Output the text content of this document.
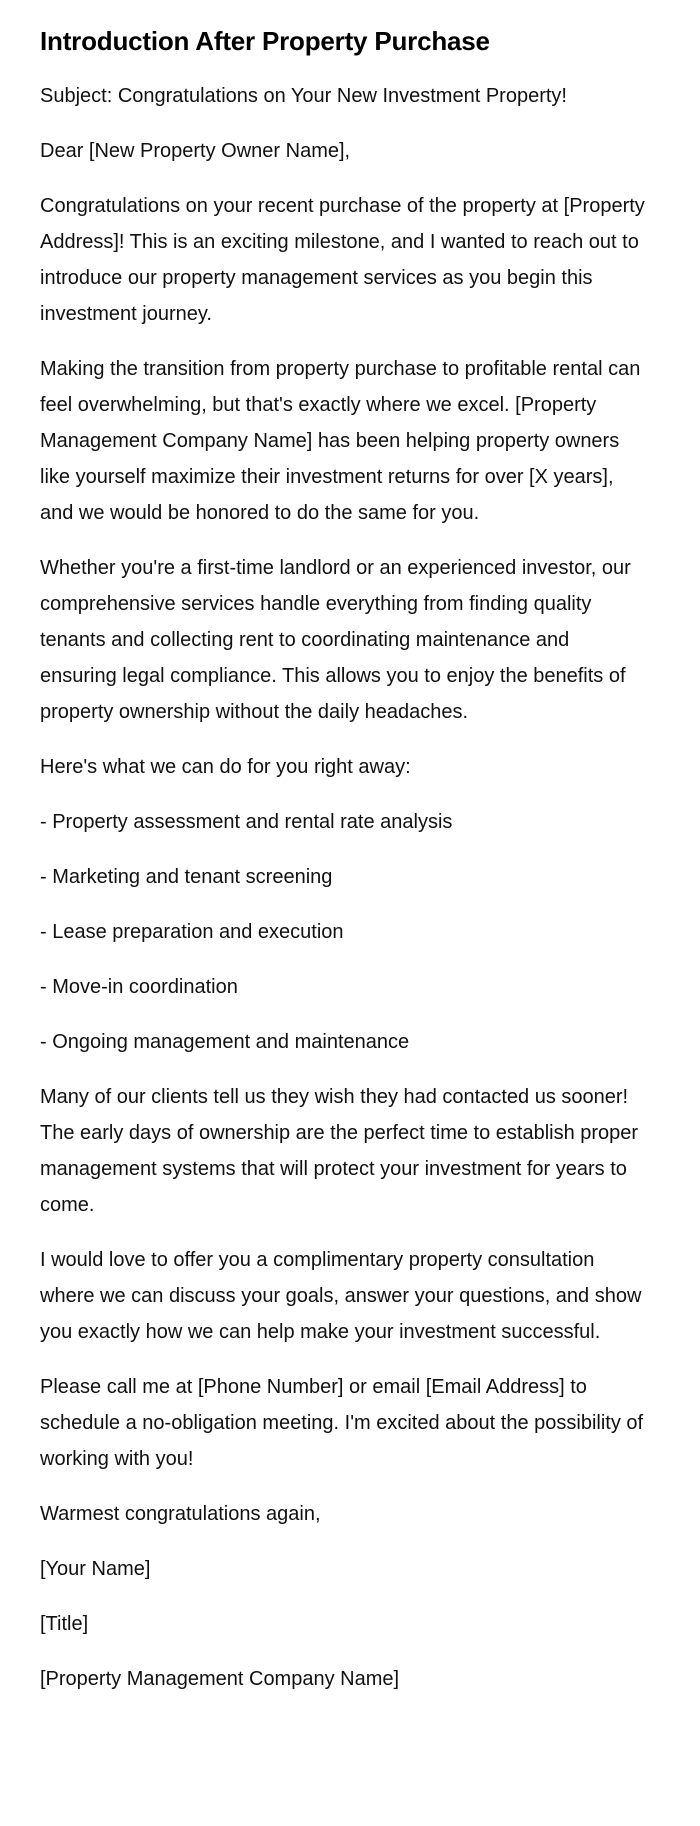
Introduction After Property Purchase

Subject: Congratulations on Your New Investment Property!

Dear [New Property Owner Name],

Congratulations on your recent purchase of the property at [Property Address]! This is an exciting milestone, and I wanted to reach out to introduce our property management services as you begin this investment journey.

Making the transition from property purchase to profitable rental can feel overwhelming, but that's exactly where we excel. [Property Management Company Name] has been helping property owners like yourself maximize their investment returns for over [X years], and we would be honored to do the same for you.

Whether you're a first-time landlord or an experienced investor, our comprehensive services handle everything from finding quality tenants and collecting rent to coordinating maintenance and ensuring legal compliance. This allows you to enjoy the benefits of property ownership without the daily headaches.

Here's what we can do for you right away:

- Property assessment and rental rate analysis

- Marketing and tenant screening

- Lease preparation and execution

- Move-in coordination

- Ongoing management and maintenance

Many of our clients tell us they wish they had contacted us sooner! The early days of ownership are the perfect time to establish proper management systems that will protect your investment for years to come.

I would love to offer you a complimentary property consultation where we can discuss your goals, answer your questions, and show you exactly how we can help make your investment successful.

Please call me at [Phone Number] or email [Email Address] to schedule a no-obligation meeting. I'm excited about the possibility of working with you!

Warmest congratulations again,

[Your Name]

[Title]

[Property Management Company Name]
